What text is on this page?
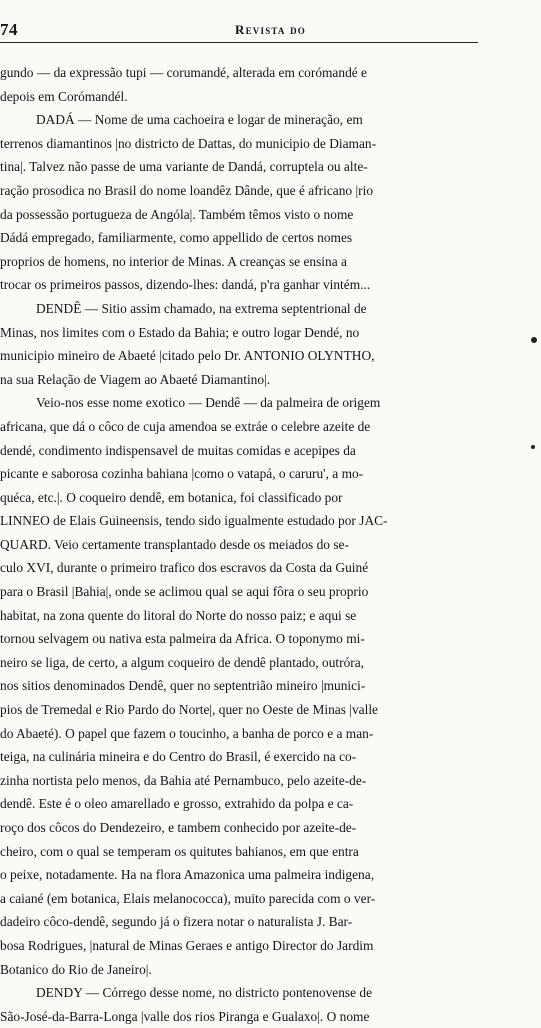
74	Revista do
gundo — da expressão tupi — corumandé, alterada em corómandé e
depois em Corómandél.
DADÁ — Nome de uma cachoeira e logar de mineração, em
terrenos diamantinos |no districto de Dattas, do municipio de Diaman-
tina|. Talvez não passe de uma variante de Dandá, corruptela ou alte-
ração prosodica no Brasil do nome loandêz Dânde, que é africano |rio
da possessão portugueza de Angóla|. Também têmos visto o nome
Dádá empregado, familiarmente, como appellido de certos nomes
proprios de homens, no interior de Minas. A creanças se ensina a
trocar os primeiros passos, dizendo-lhes: dandá, p'ra ganhar vintém...
DENDÊ — Sitio assim chamado, na extrema septentrional de
Minas, nos limites com o Estado da Bahia; e outro logar Dendé, no
municipio mineiro de Abaeté |citado pelo Dr. ANTONIO OLYNTHO,
na sua Relação de Viagem ao Abaeté Diamantino|.
Veio-nos esse nome exotico — Dendê — da palmeira de origem
africana, que dá o côco de cuja amendoa se extráe o celebre azeite de
dendé, condimento indispensavel de muitas comidas e acepipes da
picante e saborosa cozinha bahiana |como o vatapá, o caruru', a mo-
quéca, etc.|. O coqueiro dendê, em botanica, foi classificado por
LINNEO de Elais Guineensis, tendo sido igualmente estudado por JAC-
QUARD. Veio certamente transplantado desde os meiados do se-
culo XVI, durante o primeiro trafico dos escravos da Costa da Guiné
para o Brasil |Bahia|, onde se aclimou qual se aqui fôra o seu proprio
habitat, na zona quente do litoral do Norte do nosso paiz; e aqui se
tornou selvagem ou nativa esta palmeira da Africa. O toponymo mi-
neiro se liga, de certo, a algum coqueiro de dendê plantado, outróra,
nos sitios denominados Dendê, quer no septentrião mineiro |munici-
pios de Tremedal e Rio Pardo do Norte|, quer no Oeste de Minas |valle
do Abaeté). O papel que fazem o toucinho, a banha de porco e a man-
teiga, na culinária mineira e do Centro do Brasil, é exercido na co-
zinha nortista pelo menos, da Bahia até Pernambuco, pelo azeite-de-
dendê. Este é o oleo amarellado e grosso, extrahido da polpa e ca-
roço dos côcos do Dendezeiro, e tambem conhecido por azeite-de-
cheiro, com o qual se temperam os quitutes bahianos, em que entra
o peixe, notadamente. Ha na flora Amazonica uma palmeira indigena,
a caiané (em botanica, Elais melanococca), muito parecida com o ver-
dadeiro côco-dendê, segundo já o fizera notar o naturalista J. Bar-
bosa Rodrigues, |natural de Minas Geraes e antigo Director do Jardim
Botanico do Rio de Janeiro|.
DENDY — Córrego desse nome, no districto pontenovense de
São-José-da-Barra-Longa |valle dos rios Piranga e Gualaxo|. O nome
